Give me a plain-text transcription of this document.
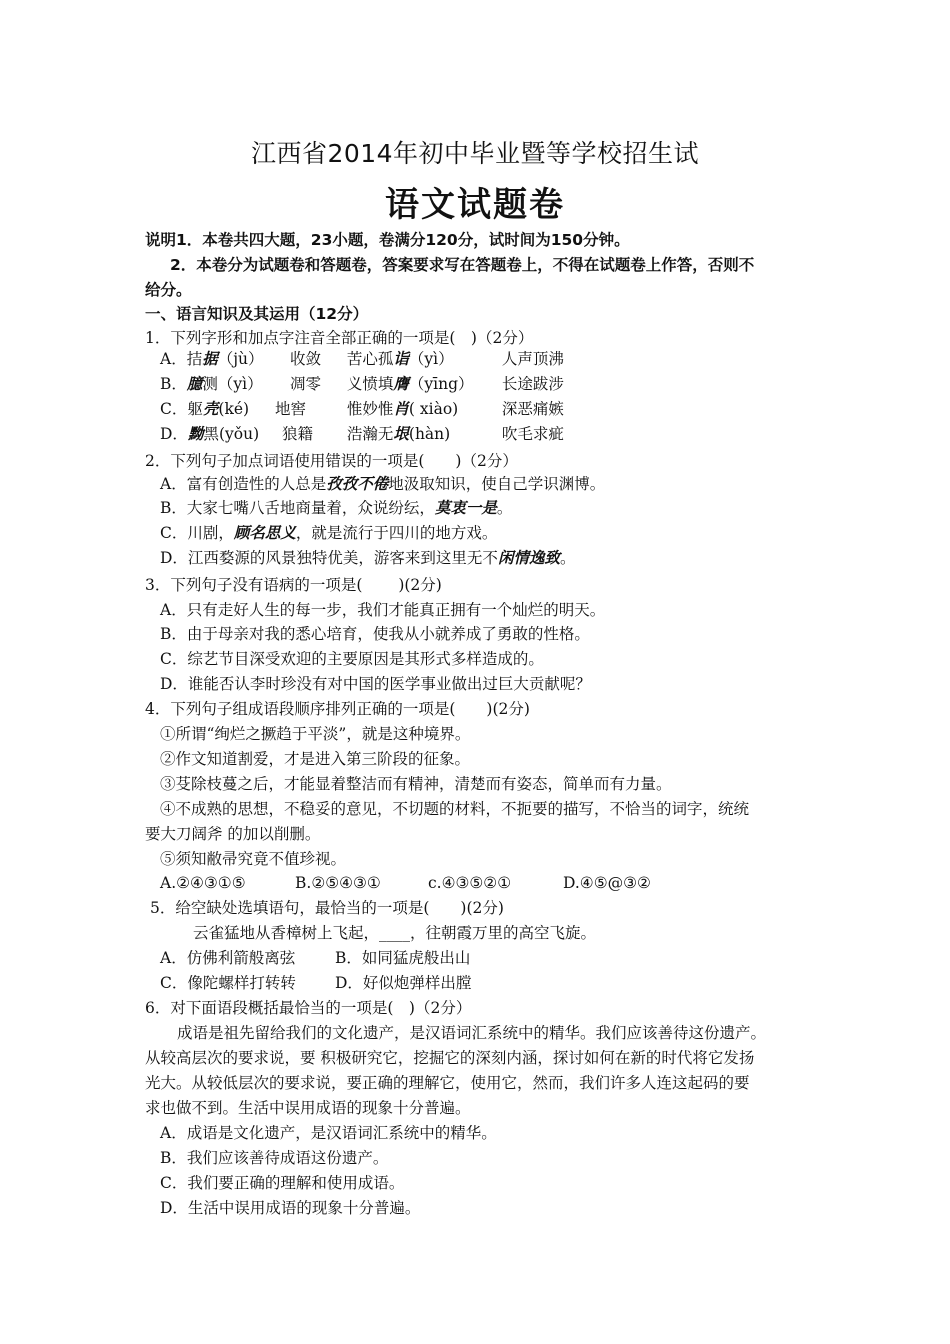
江西省2014年初中毕业暨等学校招生试
语文试题卷
说明1．本卷共四大题，23小题，卷满分120分，试时间为150分钟。
2．本卷分为试题卷和答题卷，答案要求写在答题卷上，不得在试题卷上作答，否则不
给分。
一、语言知识及其运用（12分）
1．下列字形和加点字注音全部正确的一项是(　)（2分）
A．拮据（jù） 收敛 苦心孤诣（yì）	人声顶沸
B．臆测（yì） 凋零 义愤填膺（yīng） 长途跋涉
C．躯壳(ké) 地窖	惟妙惟肖( xiào)	深恶痛嫉
D．黝黑(yǒu) 狼籍 浩瀚无垠(hàn)	吹毛求疵
2．下列句子加点词语使用错误的一项是(　　)（2分）
A．富有创造性的人总是孜孜不倦地汲取知识，使自己学识渊博。
B．大家七嘴八舌地商量着，众说纷纭，莫衷一是。
C．川剧，顾名思义，就是流行于四川的地方戏。
D．江西婺源的风景独特优美，游客来到这里无不闲情逸致。
3．下列句子没有语病的一项是(　　 )(2分)
A．只有走好人生的每一步，我们才能真正拥有一个灿烂的明天。
B．由于母亲对我的悉心培育，使我从小就养成了勇敢的性格。
C．综艺节目深受欢迎的主要原因是其形式多样造成的。
D．谁能否认李时珍没有对中国的医学事业做出过巨大贡献呢？
4．下列句子组成语段顺序排列正确的一项是(　　)(2分)
①所谓“绚烂之撅趋于平淡”，就是这种境界。
②作文知道割爱，才是进入第三阶段的征象。
③芟除枝蔓之后，才能显着整洁而有精神，清楚而有姿态，简单而有力量。
④不成熟的思想，不稳妥的意见，不切题的材料，不扼要的描写，不恰当的词字，统统
要大刀阔斧 的加以削删。
⑤须知敝帚究竟不值珍视。
A.②④③①⑤	B.②⑤④③①	c.④③⑤②①	D.④⑤@③②
5．给空缺处选填语句，最恰当的一项是(　　)(2分)
云雀猛地从香樟树上飞起，____，往朝霞万里的高空飞旋。
A．仿佛利箭般离弦	B．如同猛虎般出山
C．像陀螺样打转转	D．好似炮弹样出膛
6．对下面语段概括最恰当的一项是(　)（2分）
成语是祖先留给我们的文化遗产，是汉语词汇系统中的精华。我们应该善待这份遗产。
从较高层次的要求说，要 积极研究它，挖掘它的深刻内涵，探讨如何在新的时代将它发扬
光大。从较低层次的要求说，要正确的理解它，使用它，然而，我们许多人连这起码的要
求也做不到。生活中误用成语的现象十分普遍。
A．成语是文化遗产，是汉语词汇系统中的精华。
B．我们应该善待成语这份遗产。
C．我们要正确的理解和使用成语。
D．生活中误用成语的现象十分普遍。
